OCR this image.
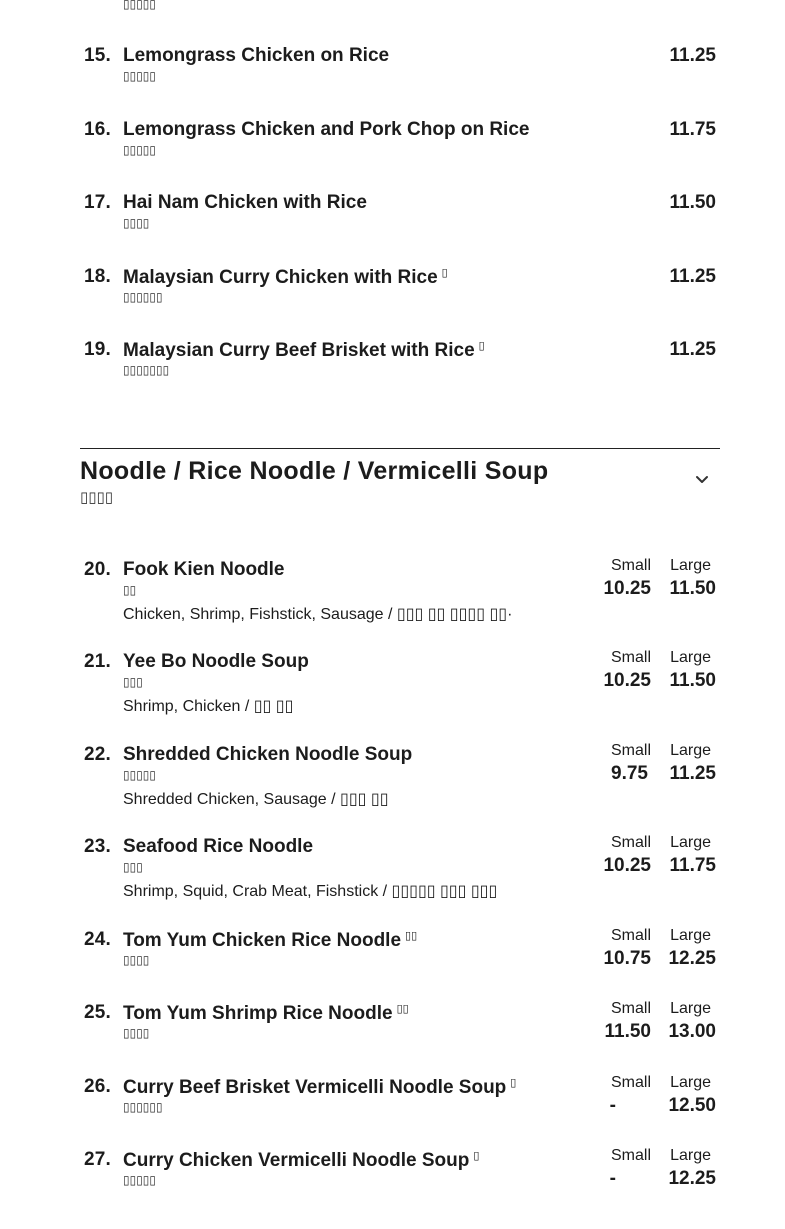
▯▯▯▯▯
15. Lemongrass Chicken on Rice
▯▯▯▯▯
11.25
16. Lemongrass Chicken and Pork Chop on Rice
▯▯▯▯▯
11.75
17. Hai Nam Chicken with Rice
▯▯▯▯
11.50
18. Malaysian Curry Chicken with Rice ▯
▯▯▯▯▯▯
11.25
19. Malaysian Curry Beef Brisket with Rice ▯
▯▯▯▯▯▯▯
11.25
Noodle / Rice Noodle / Vermicelli Soup
▯▯▯▯
20. Fook Kien Noodle
▯▯
Chicken, Shrimp, Fishstick, Sausage / ▯▯▯ ▯▯ ▯▯▯▯ ▯▯·
Small Large
10.25 11.50
21. Yee Bo Noodle Soup
▯▯▯
Shrimp, Chicken / ▯▯ ▯▯
Small Large
10.25 11.50
22. Shredded Chicken Noodle Soup
▯▯▯▯▯
Shredded Chicken, Sausage / ▯▯▯ ▯▯
Small Large
9.75 11.25
23. Seafood Rice Noodle
▯▯▯
Shrimp, Squid, Crab Meat, Fishstick / ▯▯▯▯▯ ▯▯▯ ▯▯▯
Small Large
10.25 11.75
24. Tom Yum Chicken Rice Noodle ▯▯
▯▯▯▯
Small Large
10.75 12.25
25. Tom Yum Shrimp Rice Noodle ▯▯
▯▯▯▯
Small Large
11.50 13.00
26. Curry Beef Brisket Vermicelli Noodle Soup ▯
▯▯▯▯▯▯
Small Large
-	12.50
27. Curry Chicken Vermicelli Noodle Soup ▯
▯▯▯▯▯
Small Large
-	12.25
